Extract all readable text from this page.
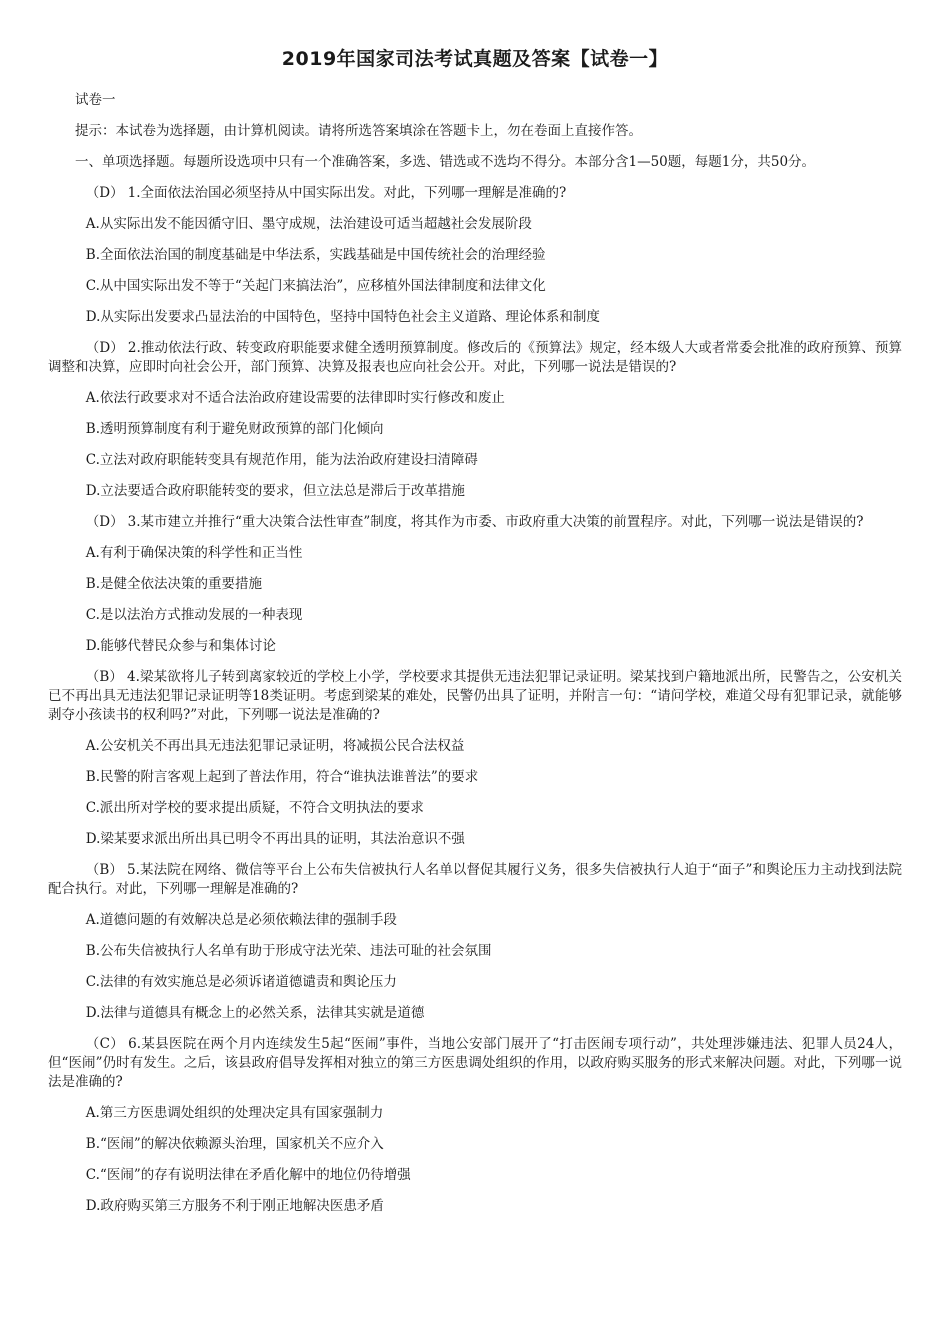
2019年国家司法考试真题及答案【试卷一】

试卷一

提示：本试卷为选择题，由计算机阅读。请将所选答案填涂在答题卡上，勿在卷面上直接作答。

一、单项选择题。每题所设选项中只有一个准确答案，多选、错选或不选均不得分。本部分含1—50题，每题1分，共50分。

（D） 1.全面依法治国必须坚持从中国实际出发。对此，下列哪一理解是准确的?

A.从实际出发不能因循守旧、墨守成规，法治建设可适当超越社会发展阶段

B.全面依法治国的制度基础是中华法系，实践基础是中国传统社会的治理经验

C.从中国实际出发不等于“关起门来搞法治”，应移植外国法律制度和法律文化

D.从实际出发要求凸显法治的中国特色，坚持中国特色社会主义道路、理论体系和制度

（D） 2.推动依法行政、转变政府职能要求健全透明预算制度。修改后的《预算法》规定，经本级人大或者常委会批准的政府预算、预算调整和决算，应即时向社会公开，部门预算、决算及报表也应向社会公开。对此，下列哪一说法是错误的?

A.依法行政要求对不适合法治政府建设需要的法律即时实行修改和废止

B.透明预算制度有利于避免财政预算的部门化倾向

C.立法对政府职能转变具有规范作用，能为法治政府建设扫清障碍

D.立法要适合政府职能转变的要求，但立法总是滞后于改革措施

（D） 3.某市建立并推行“重大决策合法性审查”制度，将其作为市委、市政府重大决策的前置程序。对此，下列哪一说法是错误的?

A.有利于确保决策的科学性和正当性

B.是健全依法决策的重要措施

C.是以法治方式推动发展的一种表现

D.能够代替民众参与和集体讨论

（B） 4.梁某欲将儿子转到离家较近的学校上小学，学校要求其提供无违法犯罪记录证明。梁某找到户籍地派出所，民警告之，公安机关已不再出具无违法犯罪记录证明等18类证明。考虑到梁某的难处，民警仍出具了证明，并附言一句：“请问学校，难道父母有犯罪记录，就能够剥夺小孩读书的权利吗?”对此，下列哪一说法是准确的?

A.公安机关不再出具无违法犯罪记录证明，将减损公民合法权益

B.民警的附言客观上起到了普法作用，符合“谁执法谁普法”的要求

C.派出所对学校的要求提出质疑，不符合文明执法的要求

D.梁某要求派出所出具已明令不再出具的证明，其法治意识不强

（B） 5.某法院在网络、微信等平台上公布失信被执行人名单以督促其履行义务，很多失信被执行人迫于“面子”和舆论压力主动找到法院配合执行。对此，下列哪一理解是准确的?

A.道德问题的有效解决总是必须依赖法律的强制手段

B.公布失信被执行人名单有助于形成守法光荣、违法可耻的社会氛围

C.法律的有效实施总是必须诉诸道德谴责和舆论压力

D.法律与道德具有概念上的必然关系，法律其实就是道德

（C） 6.某县医院在两个月内连续发生5起“医闹”事件，当地公安部门展开了“打击医闹专项行动”，共处理涉嫌违法、犯罪人员24人，但“医闹”仍时有发生。之后，该县政府倡导发挥相对独立的第三方医患调处组织的作用，以政府购买服务的形式来解决问题。对此，下列哪一说法是准确的?

A.第三方医患调处组织的处理决定具有国家强制力

B.“医闹”的解决依赖源头治理，国家机关不应介入

C.“医闹”的存有说明法律在矛盾化解中的地位仍待增强

D.政府购买第三方服务不利于刚正地解决医患矛盾
